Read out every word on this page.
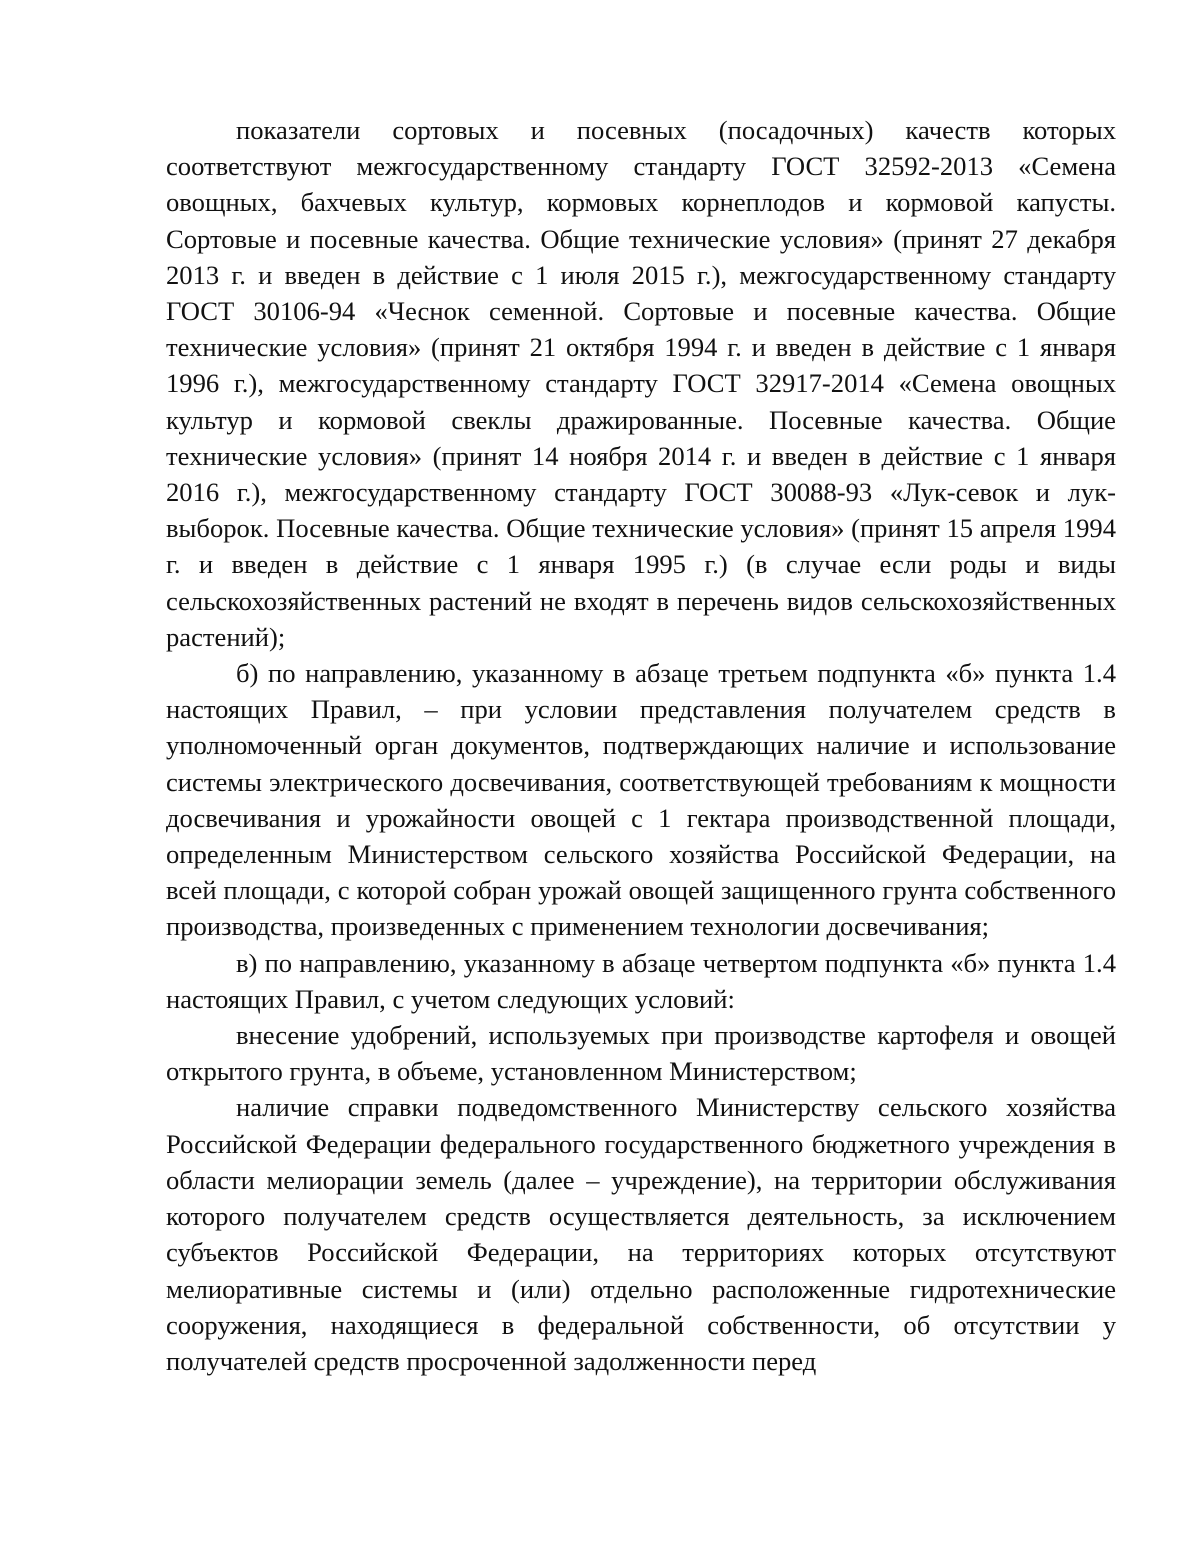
показатели сортовых и посевных (посадочных) качеств которых соответствуют межгосударственному стандарту ГОСТ 32592-2013 «Семена овощных, бахчевых культур, кормовых корнеплодов и кормовой капусты. Сортовые и посевные качества. Общие технические условия» (принят 27 декабря 2013 г. и введен в действие с 1 июля 2015 г.), межгосударственному стандарту ГОСТ 30106-94 «Чеснок семенной. Сортовые и посевные качества. Общие технические условия» (принят 21 октября 1994 г. и введен в действие с 1 января 1996 г.), межгосударственному стандарту ГОСТ 32917-2014 «Семена овощных культур и кормовой свеклы дражированные. Посевные качества. Общие технические условия» (принят 14 ноября 2014 г. и введен в действие с 1 января 2016 г.), межгосударственному стандарту ГОСТ 30088-93 «Лук-севок и лук-выборок. Посевные качества. Общие технические условия» (принят 15 апреля 1994 г. и введен в действие с 1 января 1995 г.) (в случае если роды и виды сельскохозяйственных растений не входят в перечень видов сельскохозяйственных растений);

б) по направлению, указанному в абзаце третьем подпункта «б» пункта 1.4 настоящих Правил, – при условии представления получателем средств в уполномоченный орган документов, подтверждающих наличие и использование системы электрического досвечивания, соответствующей требованиям к мощности досвечивания и урожайности овощей с 1 гектара производственной площади, определенным Министерством сельского хозяйства Российской Федерации, на всей площади, с которой собран урожай овощей защищенного грунта собственного производства, произведенных с применением технологии досвечивания;

в) по направлению, указанному в абзаце четвертом подпункта «б» пункта 1.4 настоящих Правил, с учетом следующих условий:

внесение удобрений, используемых при производстве картофеля и овощей открытого грунта, в объеме, установленном Министерством;

наличие справки подведомственного Министерству сельского хозяйства Российской Федерации федерального государственного бюджетного учреждения в области мелиорации земель (далее – учреждение), на территории обслуживания которого получателем средств осуществляется деятельность, за исключением субъектов Российской Федерации, на территориях которых отсутствуют мелиоративные системы и (или) отдельно расположенные гидротехнические сооружения, находящиеся в федеральной собственности, об отсутствии у получателей средств просроченной задолженности перед
